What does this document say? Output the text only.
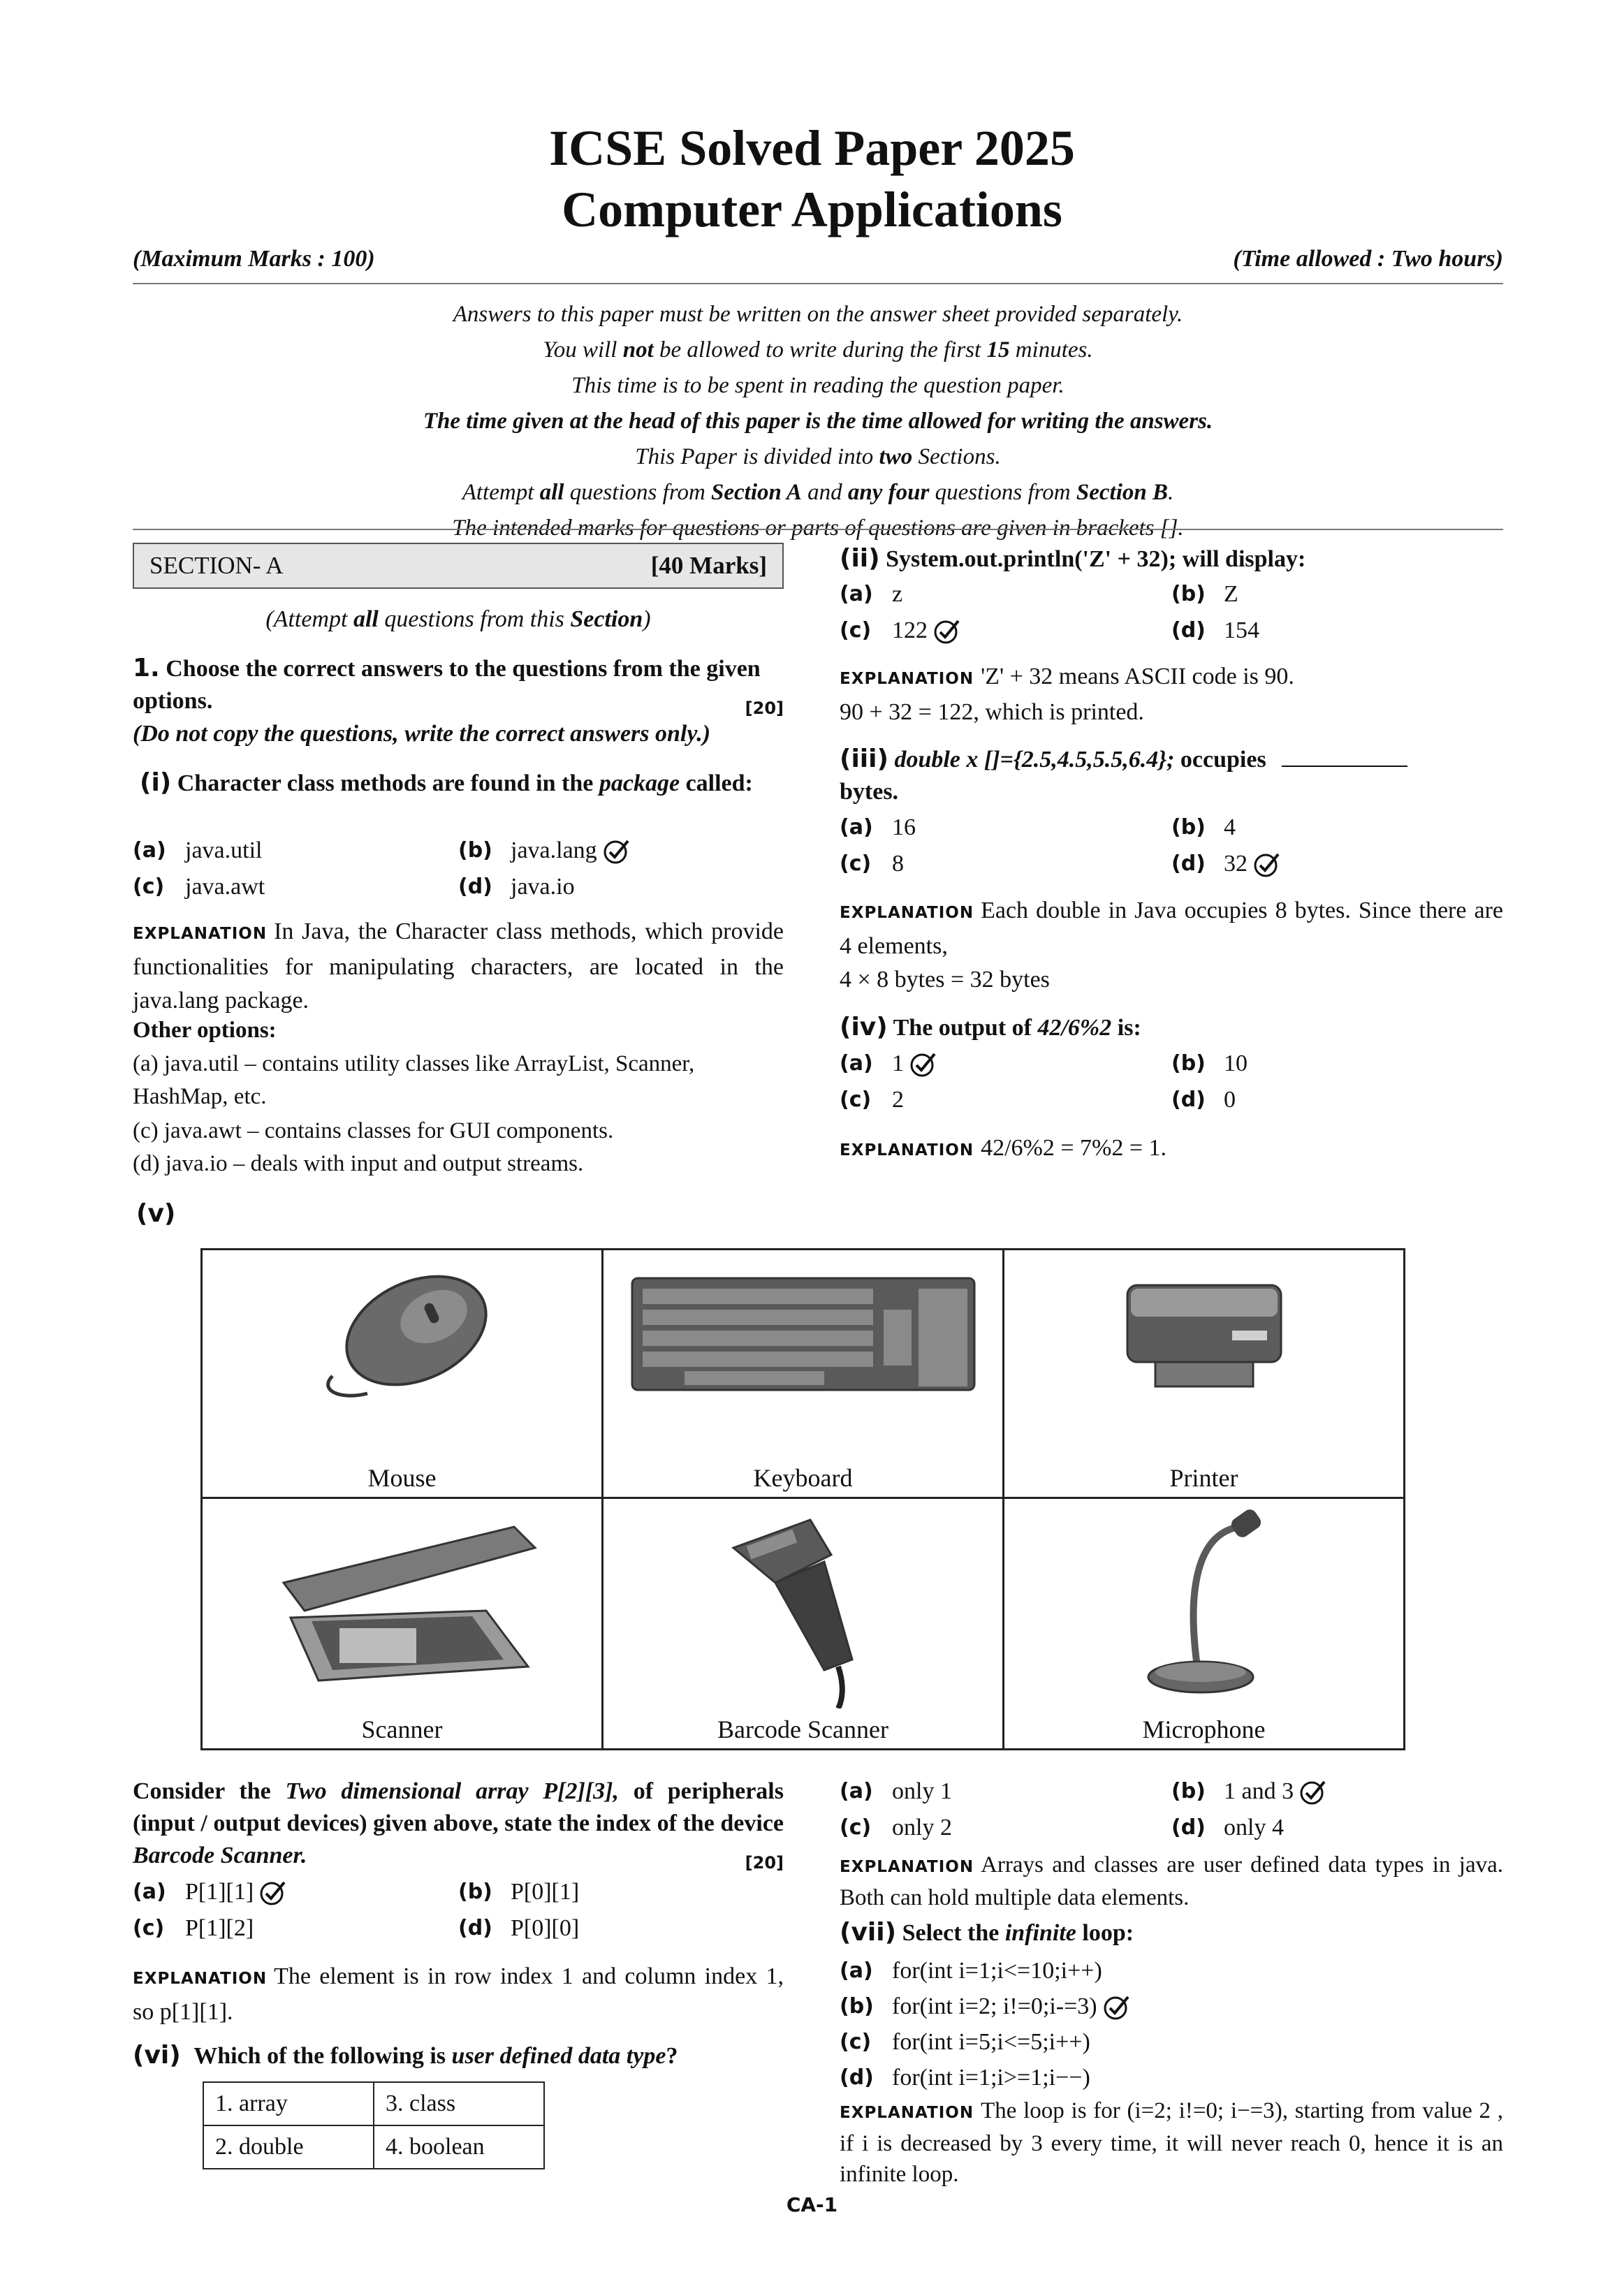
ICSE Solved Paper 2025
Computer Applications
(Maximum Marks : 100)	(Time allowed : Two hours)
Answers to this paper must be written on the answer sheet provided separately.
You will not be allowed to write during the first 15 minutes.
This time is to be spent in reading the question paper.
The time given at the head of this paper is the time allowed for writing the answers.
This Paper is divided into two Sections.
Attempt all questions from Section A and any four questions from Section B.
The intended marks for questions or parts of questions are given in brackets [].
SECTION- A	[40 Marks]
(Attempt all questions from this Section)
1. Choose the correct answers to the questions from the given options.	[20]
(Do not copy the questions, write the correct answers only.)
(i) Character class methods are found in the package called:
(a) java.util	(b) java.lang
(c) java.awt	(d) java.io
EXPLANATION In Java, the Character class methods, which provide functionalities for manipulating characters, are located in the java.lang package.
Other options:
(a) java.util – contains utility classes like ArrayList, Scanner, HashMap, etc.
(c) java.awt – contains classes for GUI components.
(d) java.io – deals with input and output streams.
(ii) System.out.println('Z' + 32); will display:
(a) z	(b) Z
(c) 122	(d) 154
EXPLANATION 'Z' + 32 means ASCII code is 90.
90 + 32 = 122, which is printed.
(iii) double x []={2.5,4.5,5.5,6.4}; occupies
bytes.
(a) 16	(b) 4
(c) 8	(d) 32
EXPLANATION Each double in Java occupies 8 bytes. Since there are 4 elements,
4 × 8 bytes = 32 bytes
(iv) The output of 42/6%2 is:
(a) 1	(b) 10
(c) 2	(d) 0
EXPLANATION 42/6%2 = 7%2 = 1.
(v)
Mouse	Keyboard	Printer
Scanner	Barcode Scanner	Microphone
Consider the Two dimensional array P[2][3], of peripherals (input / output devices) given above, state the index of the device Barcode Scanner.	[20]
(a) P[1][1]	(b) P[0][1]
(c) P[1][2]	(d) P[0][0]
EXPLANATION The element is in row index 1 and column index 1, so p[1][1].
(vi) Which of the following is user defined data type?
1. array	3. class
2. double	4. boolean
(a) only 1	(b) 1 and 3
(c) only 2	(d) only 4
EXPLANATION Arrays and classes are user defined data types in java. Both can hold multiple data elements.
(vii) Select the infinite loop:
(a) for(int i=1;i<=10;i++)
(b) for(int i=2; i!=0;i-=3)
(c) for(int i=5;i<=5;i++)
(d) for(int i=1;i>=1;i−−)
EXPLANATION The loop is for (i=2; i!=0; i−=3), starting from value 2 , if i is decreased by 3 every time, it will never reach 0, hence it is an infinite loop.
CA-1
